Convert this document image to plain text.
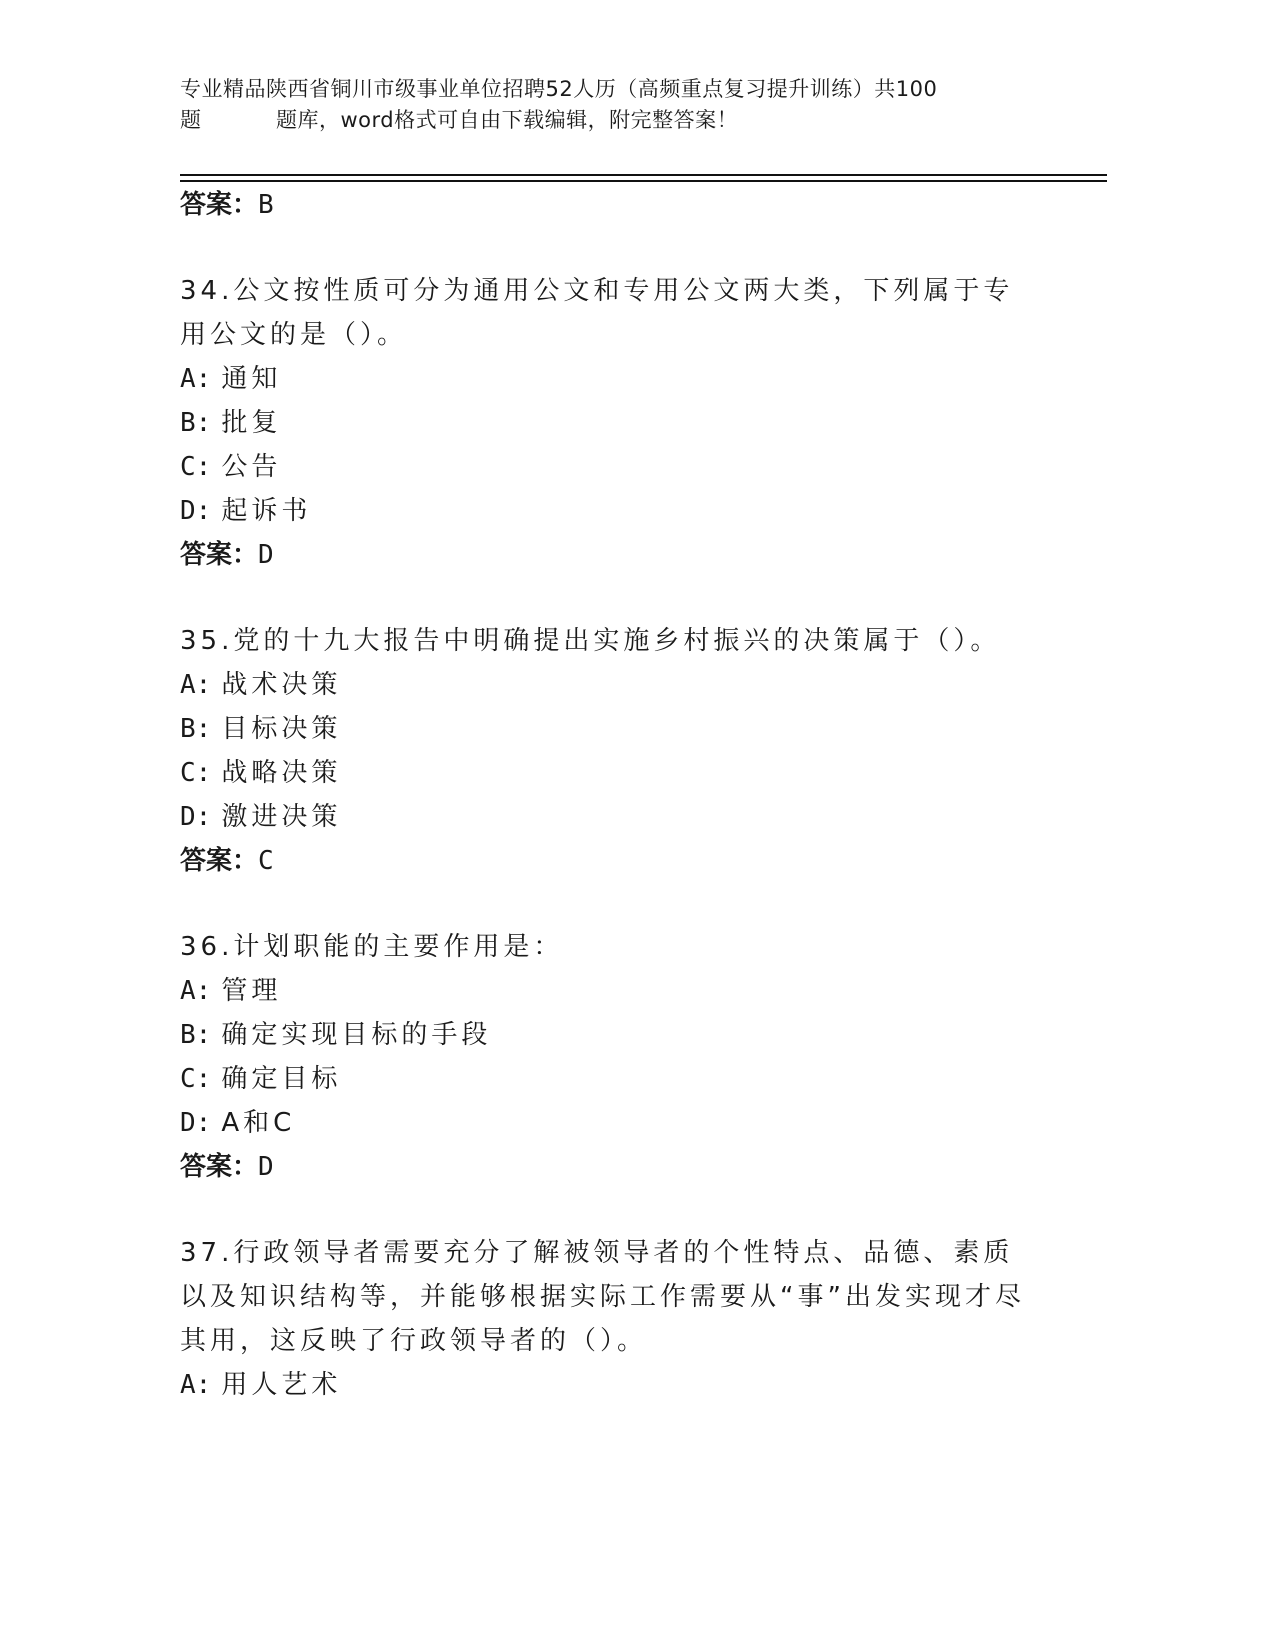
专业精品陕西省铜川市级事业单位招聘52人历（高频重点复习提升训练）共100
题	题库，word格式可自由下载编辑，附完整答案！
答案：B
34.公文按性质可分为通用公文和专用公文两大类，下列属于专用公文的是（）。
A: 通知
B: 批复
C: 公告
D: 起诉书
答案：D
35.党的十九大报告中明确提出实施乡村振兴的决策属于（）。
A: 战术决策
B: 目标决策
C: 战略决策
D: 激进决策
答案：C
36.计划职能的主要作用是：
A: 管理
B: 确定实现目标的手段
C: 确定目标
D: A和C
答案：D
37.行政领导者需要充分了解被领导者的个性特点、品德、素质以及知识结构等，并能够根据实际工作需要从“事”出发实现才尽其用，这反映了行政领导者的（）。
A: 用人艺术
